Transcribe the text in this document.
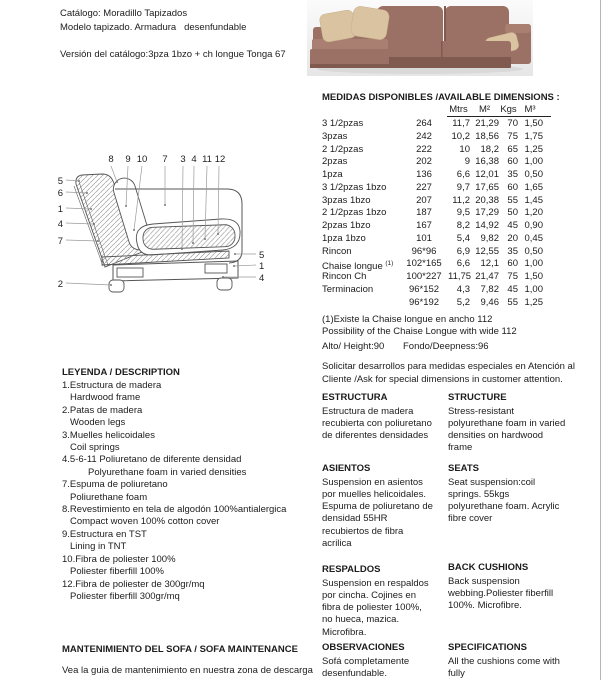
Catálogo: Moradillo Tapizados
Modelo tapizado. Armadura   desenfundable
Versión del catálogo:3pza 1bzo + ch longue Tonga 67
8 9 10 7 3 4 11 12
5
6
1
4
7
2
5
1
4
MEDIDAS DISPONIBLES /AVAILABLE DIMENSIONS :
Mtrs	M²	Kgs M³
3 1/2pzas	264	11,7 21,29 70 1,50
3pzas	242	10,2 18,56 75 1,75
2 1/2pzas	222	10	18,2 65 1,25
2pzas	202	9 16,38 60 1,00
1pza	136	6,6 12,01 35 0,50
3 1/2pzas 1bzo	227	9,7 17,65 60 1,65
3pzas 1bzo	207	11,2 20,38 55 1,45
2 1/2pzas 1bzo	187	9,5 17,29 50 1,20
2pzas 1bzo	167	8,2 14,92 45 0,90
1pza 1bzo	101	5,4	9,82 20 0,45
Rincon	96*96	6,9 12,55 35 0,50
Chaise longue $^{(1)}$	102*165	6,6	12,1 60 1,00
Rincon Ch	100*227 11,75 21,47 75 1,50
Terminacion	96*152	4,3	7,82 45 1,00
96*192	5,2	9,46 55 1,25
(1)Existe la Chaise longue en ancho 112
Possibility of the Chaise Longue with wide 112
Alto/ Height:90 Fondo/Deepness:96
Solicitar desarrollos para medidas especiales en Atención al Cliente /Ask for special dimensions in customer attention.
LEYENDA / DESCRIPTION
1.Estructura de madera
Hardwood frame
2.Patas de madera
Wooden legs
3.Muelles helicoidales
Coil springs
4.5-6-11 Poliuretano de diferente densidad
Polyurethane foam in varied densities
7.Espuma de poliuretano
Poliurethane foam
8.Revestimiento en tela de algodón 100%antialergica
Compact woven 100% cotton cover
9.Estructura en TST
Lining in TNT
10.Fibra de poliester 100%
Poliester fiberfill 100%
12.Fibra de poliester de 300gr/mq
Poliester fiberfill 300gr/mq
ESTRUCTURA
Estructura de madera recubierta con poliuretano de diferentes densidades
STRUCTURE
Stress-resistant polyurethane foam in varied densities on hardwood frame
ASIENTOS
Suspension en asientos por muelles helicoidales. Espuma de poliuretano de densidad 55HR recubiertos de fibra acrilica
SEATS
Seat suspension:coil springs. 55kgs polyurethane foam. Acrylic fibre cover
RESPALDOS
Suspension en respaldos por cincha. Cojines en fibra de poliester 100%, no hueca, mazica. Microfibra.
BACK CUSHIONS
Back suspension webbing.Poliester fiberfill 100%. Microfibre.
OBSERVACIONES
Sofá completamente desenfundable.
SPECIFICATIONS
All the cushions come with fully
MANTENIMIENTO DEL SOFA / SOFA MAINTENANCE
Vea la guia de mantenimiento en nuestra zona de descarga
